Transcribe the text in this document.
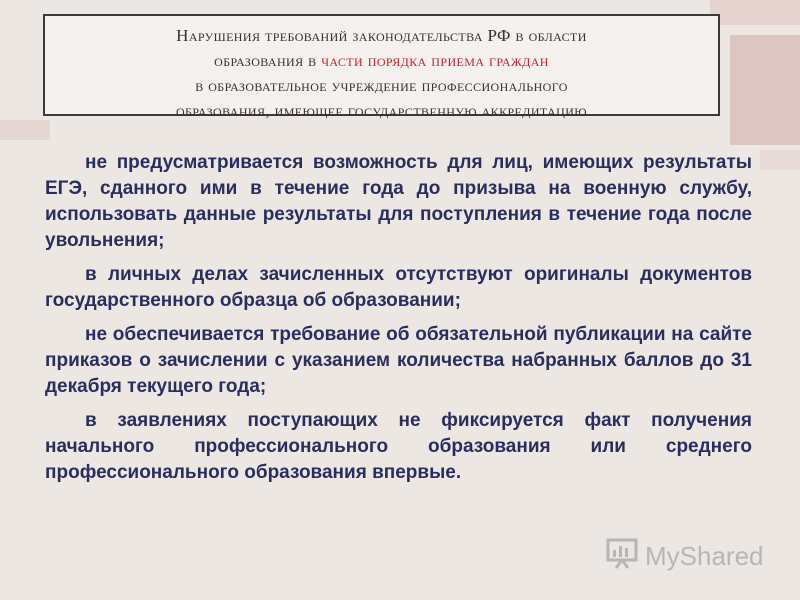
Нарушения требований законодательства РФ в области
образования в части порядка приема граждан
в образовательное учреждение профессионального
образования, имеющее государственную аккредитацию

не предусматривается возможность для лиц, имеющих результаты ЕГЭ, сданного ими в течение года до призыва на военную службу, использовать данные результаты для поступления в течение года после увольнения;

в личных делах зачисленных отсутствуют оригиналы документов государственного образца об образовании;

не обеспечивается требование об обязательной публикации на сайте приказов о зачислении с указанием количества набранных баллов до 31 декабря текущего года;

в заявлениях поступающих не фиксируется факт получения начального профессионального образования или среднего профессионального образования впервые.

MyShared
